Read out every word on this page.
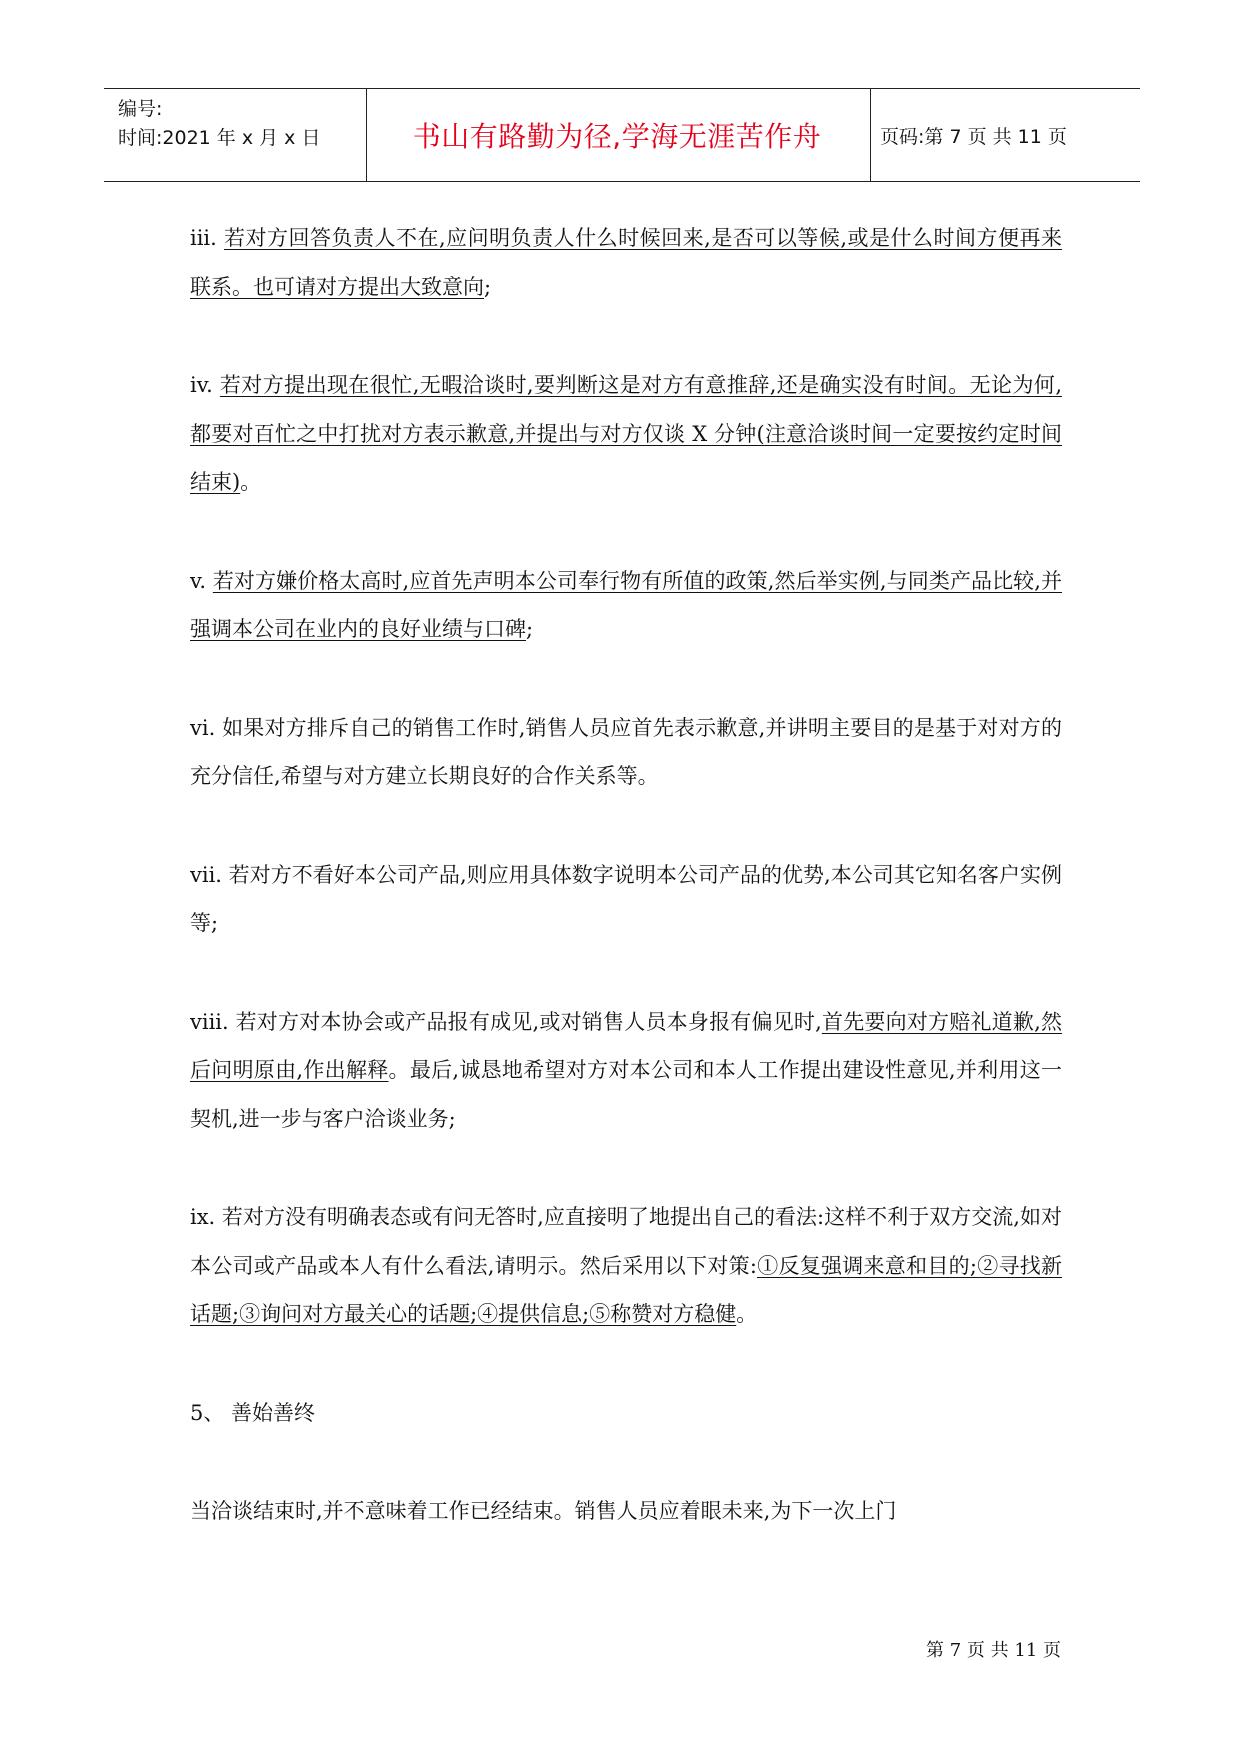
编号:
时间:2021 年 x 月 x 日	书山有路勤为径,学海无涯苦作舟	页码:第 7 页 共 11 页

iii. 若对方回答负责人不在,应问明负责人什么时候回来,是否可以等候,或是什么时间方便再来联系。也可请对方提出大致意向;

iv. 若对方提出现在很忙,无暇洽谈时,要判断这是对方有意推辞,还是确实没有时间。无论为何,都要对百忙之中打扰对方表示歉意,并提出与对方仅谈 X 分钟(注意洽谈时间一定要按约定时间结束)。

v. 若对方嫌价格太高时,应首先声明本公司奉行物有所值的政策,然后举实例,与同类产品比较,并强调本公司在业内的良好业绩与口碑;

vi. 如果对方排斥自己的销售工作时,销售人员应首先表示歉意,并讲明主要目的是基于对对方的充分信任,希望与对方建立长期良好的合作关系等。

vii. 若对方不看好本公司产品,则应用具体数字说明本公司产品的优势,本公司其它知名客户实例等;

viii. 若对方对本协会或产品报有成见,或对销售人员本身报有偏见时,首先要向对方赔礼道歉,然后问明原由,作出解释。最后,诚恳地希望对方对本公司和本人工作提出建设性意见,并利用这一契机,进一步与客户洽谈业务;

ix. 若对方没有明确表态或有问无答时,应直接明了地提出自己的看法:这样不利于双方交流,如对本公司或产品或本人有什么看法,请明示。然后采用以下对策:①反复强调来意和目的;②寻找新话题;③询问对方最关心的话题;④提供信息;⑤称赞对方稳健。

5、 善始善终

当洽谈结束时,并不意味着工作已经结束。销售人员应着眼未来,为下一次上门

第 7 页 共 11 页
